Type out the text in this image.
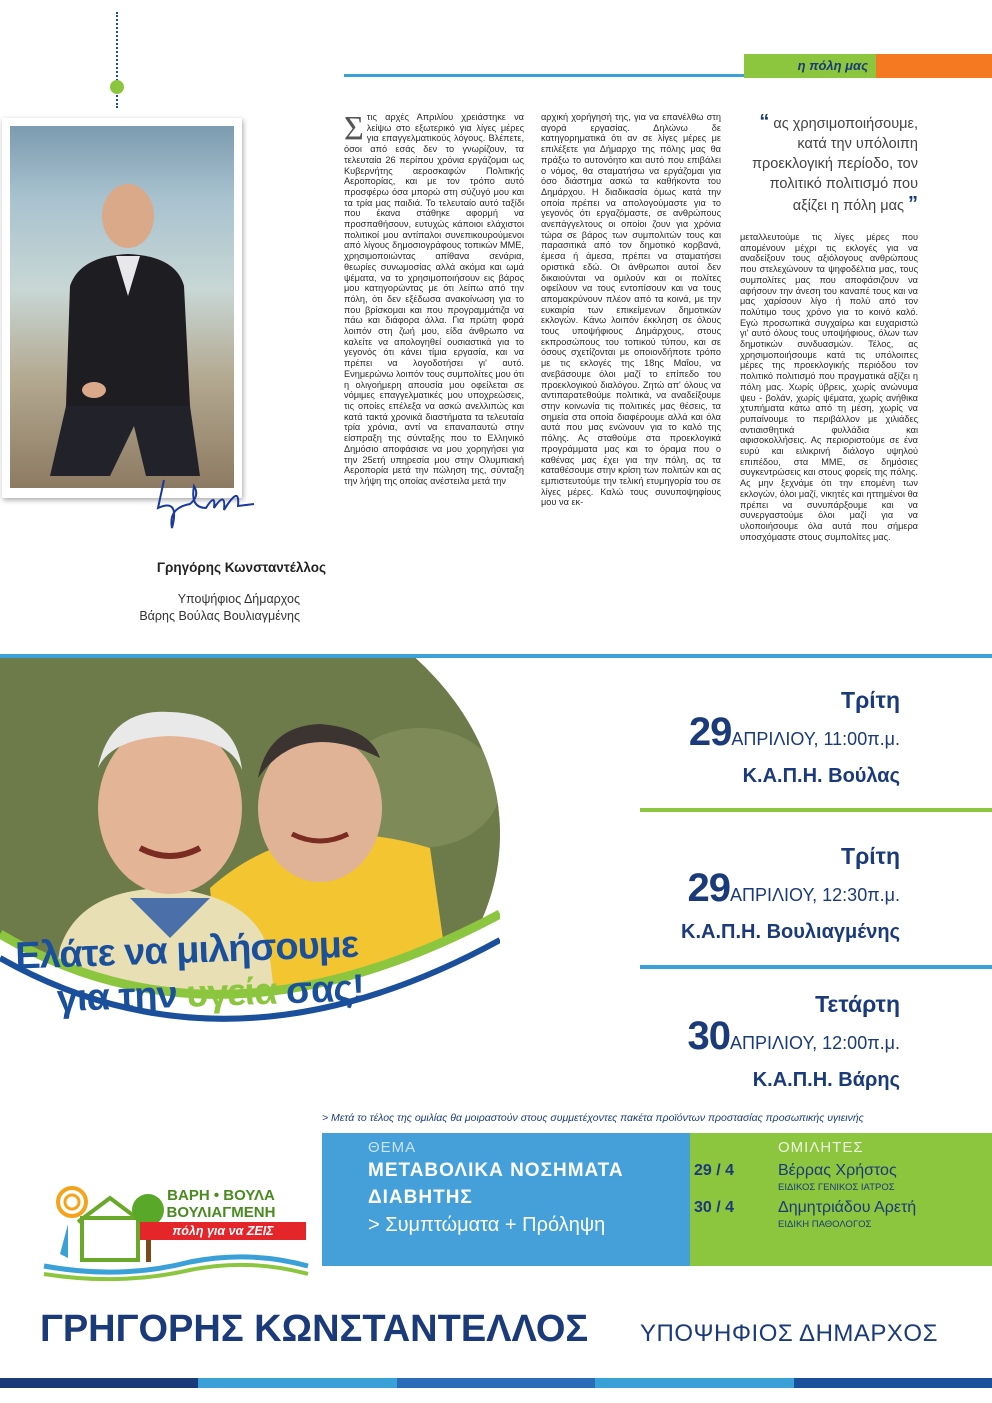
η πόλη μας
Γρηγόρης Κωνσταντέλλος
Υποψήφιος Δήμαρχος
Βάρης Βούλας Βουλιαγμένης
Σ τις αρχές Απριλίου χρειάστηκε να λείψω στο εξωτερικό για λίγες μέρες για επαγγελματικούς λόγους. Βλέπετε, όσοι από εσάς δεν το γνωρίζουν, τα τελευταία 26 περίπου χρόνια εργάζομαι ως Κυβερνήτης αεροσκαφών Πολιτικής Αεροπορίας, και με τον τρόπο αυτό προσφέρω όσα μπορώ στη σύζυγό μου και τα τρία μας παιδιά. Το τελευταίο αυτό ταξίδι που έκανα στάθηκε αφορμή να προσπαθήσουν, ευτυχώς κάποιοι ελάχιστοι πολιτικοί μου αντίπαλοι συνεπικουρούμενοι από λίγους δημοσιογράφους τοπικών ΜΜΕ, χρησιμοποιώντας απίθανα σενάρια, θεωρίες συνωμοσίας αλλά ακόμα και ωμά ψέματα, να το χρησιμοποιήσουν εις βάρος μου κατηγορώντας με ότι λείπω από την πόλη, ότι δεν εξέδωσα ανακοίνωση για το που βρίσκομαι και που προγραμμάτιζα να πάω και διάφορα άλλα. Για πρώτη φορά λοιπόν στη ζωή μου, είδα άνθρωπο να καλείτε να απολογηθεί ουσιαστικά για το γεγονός ότι κάνει τίμια εργασία, και να πρέπει να λογοδοτήσει γι' αυτό. Ενημερώνω λοιπόν τους συμπολίτες μου ότι η ολιγοήμερη απουσία μου οφείλεται σε νόμιμες επαγγελματικές μου υποχρεώσεις, τις οποίες επέλεξα να ασκώ ανελλιπώς και κατά τακτά χρονικά διαστήματα τα τελευταία τρία χρόνια, αντί να επαναπαυτώ στην είσπραξη της σύνταξης που το Ελληνικό Δημόσιο αποφάσισε να μου χορηγήσει για την 25ετή υπηρεσία μου στην Ολυμπιακή Αεροπορία μετά την πώληση της, σύνταξη την λήψη της οποίας ανέστειλα μετά την

αρχική χορήγησή της, για να επανέλθω στη αγορά εργασίας. Δηλώνω δε κατηγορηματικά ότι αν σε λίγες μέρες με επιλέξετε για Δήμαρχο της πόλης μας θα πράξω το αυτονόητο και αυτό που επιβάλει ο νόμος, θα σταματήσω να εργάζομαι για όσο διάστημα ασκώ τα καθήκοντα του Δημάρχου. Η διαδικασία όμως κατά την οποία πρέπει να απολογούμαστε για το γεγονός ότι εργαζόμαστε, σε ανθρώπους ανεπάγγελτους οι οποίοι ζουν για χρόνια τώρα σε βάρος των συμπολιτών τους και παρασιτικά από τον δημοτικό κορβανά, έμεσα ή άμεσα, πρέπει να σταματήσει οριστικά εδώ. Οι άνθρωποι αυτοί δεν δικαιούνται να ομιλούν και οι πολίτες οφείλουν να τους εντοπίσουν και να τους απομακρύνουν πλέον από τα κοινά, με την ευκαιρία των επικείμενων δημοτικών εκλογών. Κάνω λοιπόν έκκληση σε όλους τους υποψήφιους Δημάρχους, στους εκπροσώπους του τοπικού τύπου, και σε όσους σχετίζονται με οποιονδήποτε τρόπο με τις εκλογές της 18ης Μαΐου, να ανεβάσουμε όλοι μαζί το επίπεδο του προεκλογικού διαλόγου. Ζητώ απ' όλους να αντιπαρατεθούμε πολιτικά, να αναδείξουμε στην κοινωνία τις πολιτικές μας θέσεις, τα σημεία στα οποία διαφέρουμε αλλά και όλα αυτά που μας ενώνουν για το καλό της πόλης. Ας σταθούμε στα προεκλογικά προγράμματα μας και το όραμα που ο καθένας μας έχει για την πόλη, ας τα καταθέσουμε στην κρίση των πολιτών και ας εμπιστευτούμε την τελική ετυμηγορία του σε λίγες μέρες. Καλώ τους συνυποψηφίους μου να εκ-

“ ας χρησιμοποιήσουμε, κατά την υπόλοιπη προεκλογική περίοδο, τον πολιτικό πολιτισμό που αξίζει η πόλη μας ”

μεταλλευτούμε τις λίγες μέρες που απομένουν μέχρι τις εκλογές για να αναδείξουν τους αξιόλογους ανθρώπους που στελεχώνουν τα ψηφοδέλτια μας, τους συμπολίτες μας που αποφάσιζουν να αφήσουν την άνεση του καναπέ τους και να μας χαρίσουν λίγο ή πολύ από τον πολύτιμο τους χρόνο για το κοινό καλό. Εγώ προσωπικά συγχαίρω και ευχαριστώ γι' αυτό όλους τους υποψήφιους, όλων των δημοτικών συνδυασμών. Τέλος, ας χρησιμοποιήσουμε κατά τις υπόλοιπες μέρες της προεκλογικής περιόδου τον πολιτικό πολιτισμό που πραγματικά αξίζει η πόλη μας. Χωρίς ύβρεις, χωρίς ανώνυμα ψευ - βολάν, χωρίς ψέματα, χωρίς ανήθικα χτυπήματα κάτω από τη μέση, χωρίς να ρυπαίνουμε το περιβάλλον με χιλιάδες αντιαισθητικά φυλλάδια και αφισοκολλήσεις. Ας περιοριστούμε σε ένα ευρύ και ειλικρινή διάλογο υψηλού επιπέδου, στα ΜΜΕ, σε δημόσιες συγκεντρώσεις και στους φορείς της πόλης. Ας μην ξεχνάμε ότι την επομένη των εκλογών, όλοι μαζί, νικητές και ηττημένοι θα πρέπει να συνυπάρξουμε και να συνεργαστούμε όλοι μαζί για να υλοποιήσουμε όλα αυτά που σήμερα υποσχόμαστε στους συμπολίτες μας.

Ελάτε να μιλήσουμε
για την υγεία σας!
Τρίτη
29ΑΠΡΙΛΙΟΥ, 11:00π.μ.
Κ.Α.Π.Η. Βούλας
Τρίτη
29ΑΠΡΙΛΙΟΥ, 12:30π.μ.
Κ.Α.Π.Η. Βουλιαγμένης
Τετάρτη
30ΑΠΡΙΛΙΟΥ, 12:00π.μ.
Κ.Α.Π.Η. Βάρης
> Μετά το τέλος της ομιλίας θα μοιραστούν στους συμμετέχοντες πακέτα προϊόντων προστασίας προσωπικής υγιεινής
ΘΕΜΑ
ΜΕΤΑΒΟΛΙΚΑ ΝΟΣΗΜΑΤΑ
ΔΙΑΒΗΤΗΣ
> Συμπτώματα + Πρόληψη
ΟΜΙΛΗΤΕΣ
29 / 4	Βέρρας Χρήστος
ΕΙΔΙΚΟΣ ΓΕΝΙΚΟΣ ΙΑΤΡΟΣ
30 / 4	Δημητριάδου Αρετή
ΕΙΔΙΚΗ ΠΑΘΟΛΟΓΟΣ
ΒΑΡΗ • ΒΟΥΛΑ
ΒΟΥΛΙΑΓΜΕΝΗ
πόλη για να ΖΕΙΣ
ΓΡΗΓΟΡΗΣ ΚΩΝΣΤΑΝΤΕΛΛΟΣ ΥΠΟΨΗΦΙΟΣ ΔΗΜΑΡΧΟΣ
